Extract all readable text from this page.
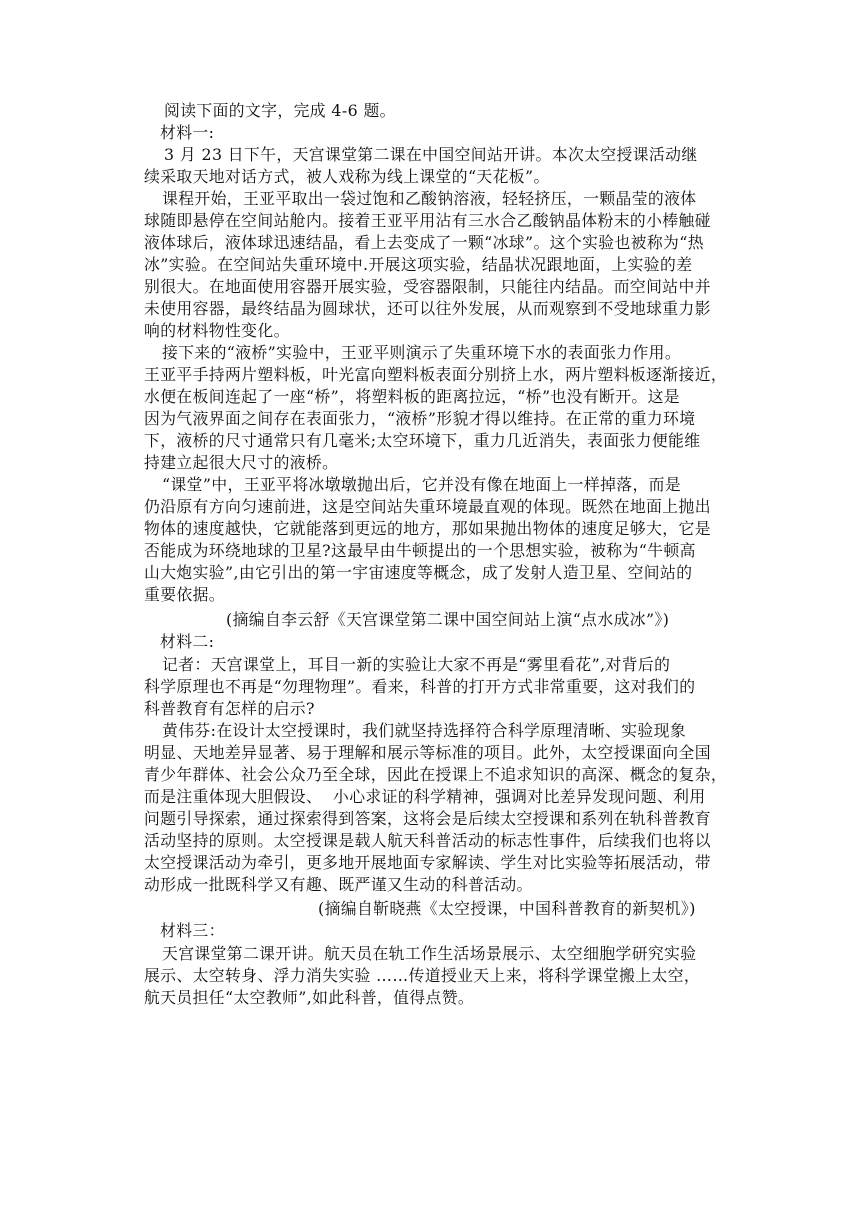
阅读下面的文字，完成 4-6 题。
材料一:
3 月 23 日下午，天宫课堂第二课在中国空间站开讲。本次太空授课活动继
续采取天地对话方式，被人戏称为线上课堂的“天花板”。
课程开始，王亚平取出一袋过饱和乙酸钠溶液，轻轻挤压，一颗晶莹的液体
球随即悬停在空间站舱内。接着王亚平用沾有三水合乙酸钠晶体粉末的小棒触碰
液体球后，液体球迅速结晶，看上去变成了一颗“冰球”。这个实验也被称为“热
冰”实验。在空间站失重环境中.开展这项实验，结晶状况跟地面，上实验的差
别很大。在地面使用容器开展实验，受容器限制，只能往内结晶。而空间站中并
未使用容器，最终结晶为圆球状，还可以往外发展，从而观察到不受地球重力影
响的材料物性变化。
接下来的“液桥”实验中，王亚平则演示了失重环境下水的表面张力作用。
王亚平手持两片塑料板，叶光富向塑料板表面分别挤上水，两片塑料板逐渐接近，
水便在板间连起了一座“桥”，将塑料板的距离拉远，“桥”也没有断开。这是
因为气液界面之间存在表面张力，“液桥”形貌才得以维持。在正常的重力环境
下，液桥的尺寸通常只有几毫米;太空环境下，重力几近消失，表面张力便能维
持建立起很大尺寸的液桥。
“课堂”中，王亚平将冰墩墩抛出后，它并没有像在地面上一样掉落，而是
仍沿原有方向匀速前进，这是空间站失重环境最直观的体现。既然在地面上抛出
物体的速度越快，它就能落到更远的地方，那如果抛出物体的速度足够大，它是
否能成为环绕地球的卫星?这最早由牛顿提出的一个思想实验，被称为“牛顿高
山大炮实验”,由它引出的第一宇宙速度等概念，成了发射人造卫星、空间站的
重要依据。
(摘编自李云舒《天宫课堂第二课中国空间站上演“点水成冰”》)
材料二:
记者：天宫课堂上，耳目一新的实验让大家不再是“雾里看花”,对背后的
科学原理也不再是“勿理物理”。看来，科普的打开方式非常重要，这对我们的
科普教育有怎样的启示?
黄伟芬:在设计太空授课时，我们就坚持选择符合科学原理清晰、实验现象
明显、天地差异显著、易于理解和展示等标准的项目。此外，太空授课面向全国
青少年群体、社会公众乃至全球，因此在授课上不追求知识的高深、概念的复杂，
而是注重体现大胆假设、  小心求证的科学精神，强调对比差异发现问题、利用
问题引导探索，通过探索得到答案，这将会是后续太空授课和系列在轨科普教育
活动坚持的原则。太空授课是载人航天科普活动的标志性事件，后续我们也将以
太空授课活动为牵引，更多地开展地面专家解读、学生对比实验等拓展活动，带
动形成一批既科学又有趣、既严谨又生动的科普活动。
(摘编自靳晓燕《太空授课，中国科普教育的新契机》)
材料三：
天宫课堂第二课开讲。航天员在轨工作生活场景展示、太空细胞学研究实验
展示、太空转身、浮力消失实验 ……传道授业天上来，将科学课堂搬上太空，
航天员担任“太空教师”,如此科普，值得点赞。
